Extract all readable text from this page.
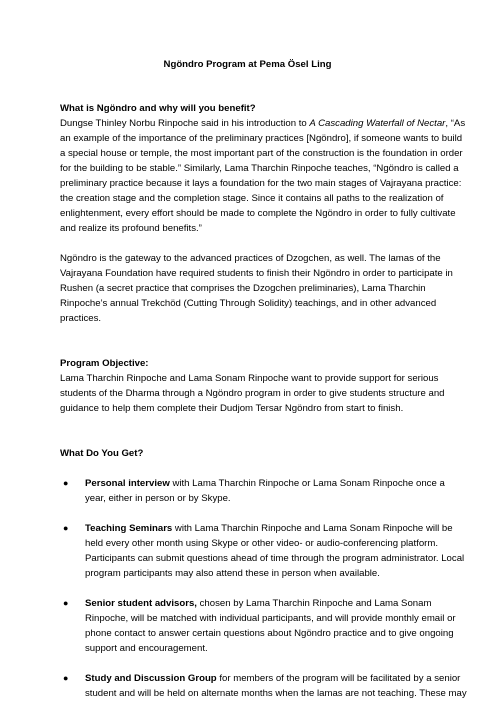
Ngöndro Program at Pema Ösel Ling

What is Ngöndro and why will you benefit?

Dungse Thinley Norbu Rinpoche said in his introduction to A Cascading Waterfall of Nectar, “As an example of the importance of the preliminary practices [Ngöndro], if someone wants to build a special house or temple, the most important part of the construction is the foundation in order for the building to be stable.” Similarly, Lama Tharchin Rinpoche teaches, “Ngöndro is called a preliminary practice because it lays a foundation for the two main stages of Vajrayana practice: the creation stage and the completion stage. Since it contains all paths to the realization of enlightenment, every effort should be made to complete the Ngöndro in order to fully cultivate and realize its profound benefits.”

Ngöndro is the gateway to the advanced practices of Dzogchen, as well. The lamas of the Vajrayana Foundation have required students to finish their Ngöndro in order to participate in Rushen (a secret practice that comprises the Dzogchen preliminaries), Lama Tharchin Rinpoche’s annual Trekchöd (Cutting Through Solidity) teachings, and in other advanced practices.

Program Objective:

Lama Tharchin Rinpoche and Lama Sonam Rinpoche want to provide support for serious students of the Dharma through a Ngöndro program in order to give students structure and guidance to help them complete their Dudjom Tersar Ngöndro from start to finish.

What Do You Get?
● Personal interview with Lama Tharchin Rinpoche or Lama Sonam Rinpoche once a year, either in person or by Skype.
● Teaching Seminars with Lama Tharchin Rinpoche and Lama Sonam Rinpoche will be held every other month using Skype or other video- or audio-conferencing platform. Participants can submit questions ahead of time through the program administrator. Local program participants may also attend these in person when available.
● Senior student advisors, chosen by Lama Tharchin Rinpoche and Lama Sonam Rinpoche, will be matched with individual participants, and will provide monthly email or phone contact to answer certain questions about Ngöndro practice and to give ongoing support and encouragement.
● Study and Discussion Group for members of the program will be facilitated by a senior student and will be held on alternate months when the lamas are not teaching. These may
